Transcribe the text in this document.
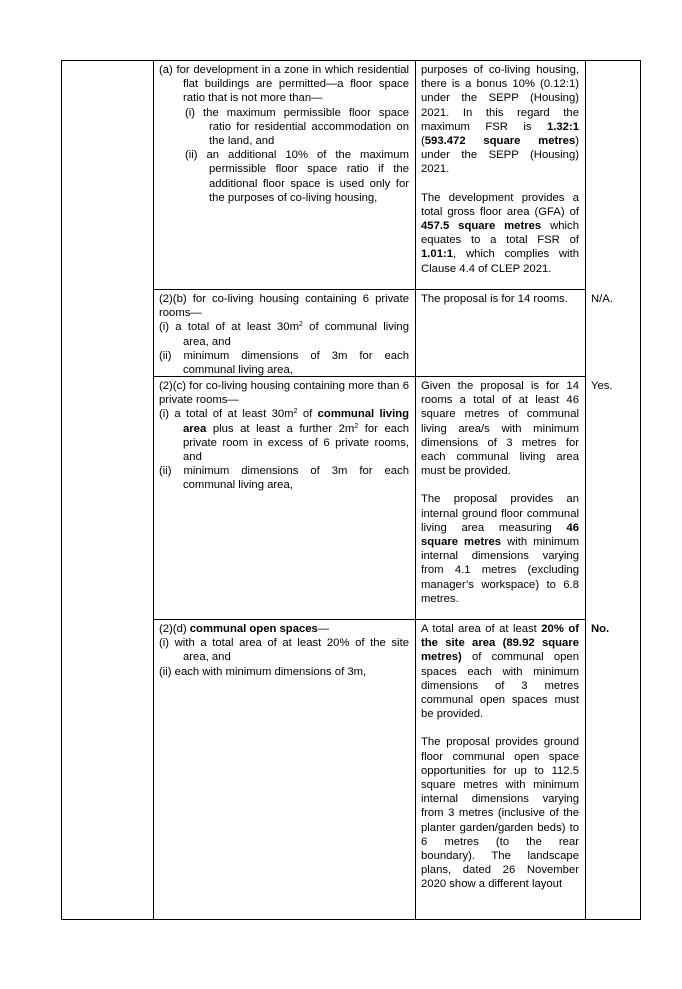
(a) for development in a zone in which residential flat buildings are permitted—a floor space ratio that is not more than—

(i) the maximum permissible floor space ratio for residential accommodation on the land, and

(ii) an additional 10% of the maximum permissible floor space ratio if the additional floor space is used only for the purposes of co-living housing,

purposes of co-living housing, there is a bonus 10% (0.12:1) under the SEPP (Housing) 2021. In this regard the maximum FSR is 1.32:1 (593.472 square metres) under the SEPP (Housing) 2021.

The development provides a total gross floor area (GFA) of 457.5 square metres which equates to a total FSR of 1.01:1, which complies with Clause 4.4 of CLEP 2021.

(2)(b) for co-living housing containing 6 private rooms—

(i) a total of at least $30m^2$ of communal living area, and

(ii) minimum dimensions of 3m for each communal living area,

The proposal is for 14 rooms.	N/A.

(2)(c) for co-living housing containing more than 6 private rooms—

(i) a total of at least $30m^2$ of communal living area plus at least a further $2m^2$ for each private room in excess of 6 private rooms, and

(ii) minimum dimensions of 3m for each communal living area,

Given the proposal is for 14 rooms a total of at least 46 square metres of communal living area/s with minimum dimensions of 3 metres for each communal living area must be provided.

The proposal provides an internal ground floor communal living area measuring 46 square metres with minimum internal dimensions varying from 4.1 metres (excluding manager’s workspace) to 6.8 metres.

Yes.

(2)(d) communal open spaces—

(i) with a total area of at least 20% of the site area, and

(ii) each with minimum dimensions of 3m,

A total area of at least 20% of the site area (89.92 square metres) of communal open spaces each with minimum dimensions of 3 metres communal open spaces must be provided.

The proposal provides ground floor communal open space opportunities for up to 112.5 square metres with minimum internal dimensions varying from 3 metres (inclusive of the planter garden/garden beds) to 6 metres (to the rear boundary). The landscape plans, dated 26 November 2020 show a different layout

No.
